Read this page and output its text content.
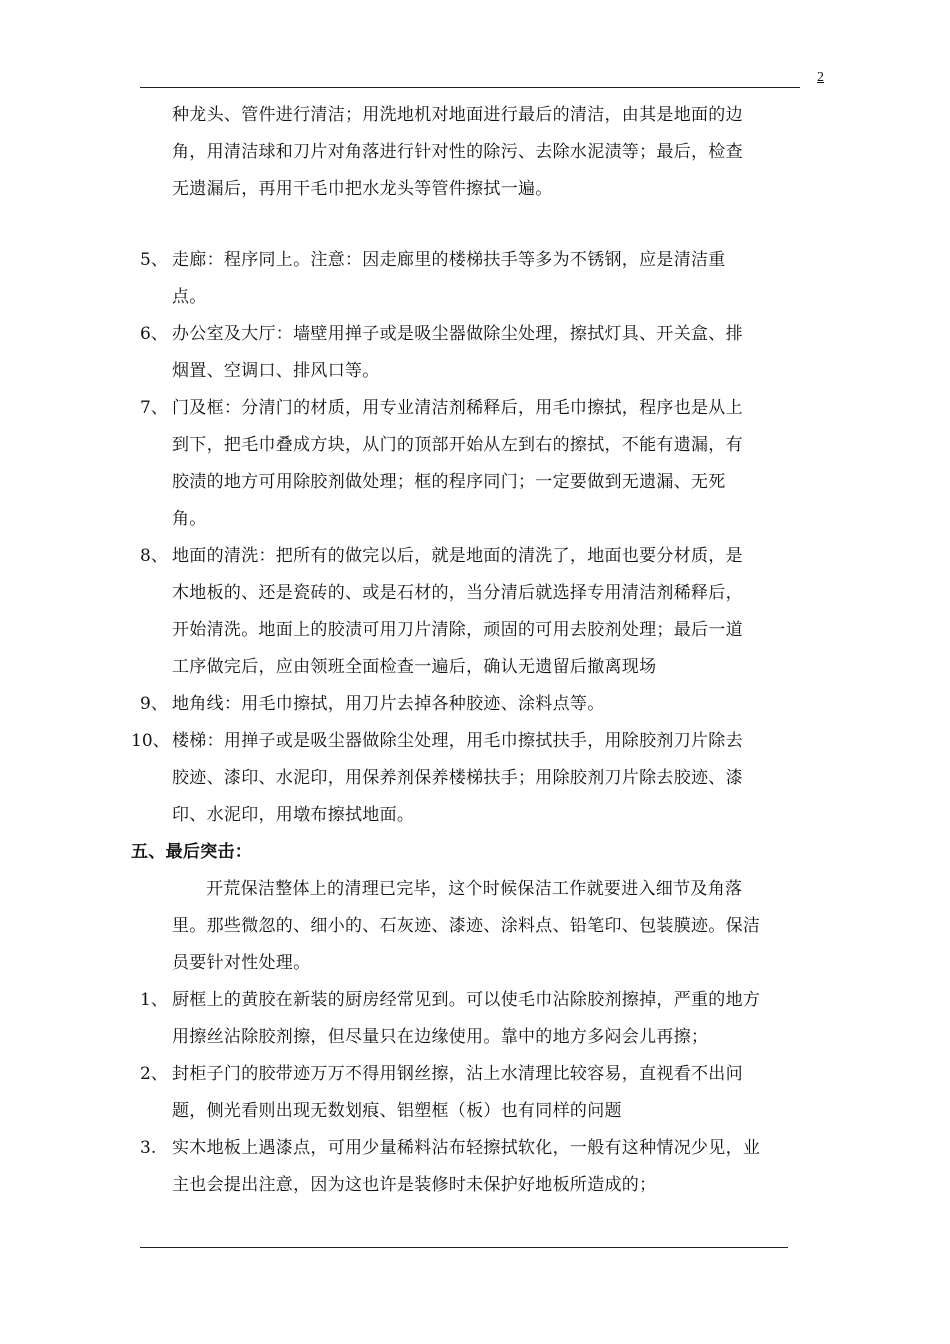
2
种龙头、管件进行清洁；用洗地机对地面进行最后的清洁，由其是地面的边
角，用清洁球和刀片对角落进行针对性的除污、去除水泥渍等；最后，检查
无遗漏后，再用干毛巾把水龙头等管件擦拭一遍。
5、 走廊：程序同上。注意：因走廊里的楼梯扶手等多为不锈钢，应是清洁重
点。
6、 办公室及大厅：墙壁用掸子或是吸尘器做除尘处理，擦拭灯具、开关盒、排
烟置、空调口、排风口等。
7、 门及框：分清门的材质，用专业清洁剂稀释后，用毛巾擦拭，程序也是从上
到下，把毛巾叠成方块，从门的顶部开始从左到右的擦拭，不能有遗漏，有
胶渍的地方可用除胶剂做处理；框的程序同门；一定要做到无遗漏、无死
角。
8、 地面的清洗：把所有的做完以后，就是地面的清洗了，地面也要分材质，是
木地板的、还是瓷砖的、或是石材的，当分清后就选择专用清洁剂稀释后，
开始清洗。地面上的胶渍可用刀片清除，顽固的可用去胶剂处理；最后一道
工序做完后，应由领班全面检查一遍后，确认无遗留后撤离现场
9、 地角线：用毛巾擦拭，用刀片去掉各种胶迹、涂料点等。
10、 楼梯：用掸子或是吸尘器做除尘处理，用毛巾擦拭扶手，用除胶剂刀片除去
胶迹、漆印、水泥印，用保养剂保养楼梯扶手；用除胶剂刀片除去胶迹、漆
印、水泥印，用墩布擦拭地面。
五、最后突击：
开荒保洁整体上的清理已完毕，这个时候保洁工作就要进入细节及角落
里。那些微忽的、细小的、石灰迹、漆迹、涂料点、铅笔印、包装膜迹。保洁
员要针对性处理。
1、 厨框上的黄胶在新装的厨房经常见到。可以使毛巾沾除胶剂擦掉，严重的地方
用擦丝沾除胶剂擦，但尽量只在边缘使用。靠中的地方多闷会儿再擦；
2、 封柜子门的胶带迹万万不得用钢丝擦，沾上水清理比较容易，直视看不出问
题，侧光看则出现无数划痕、铝塑框（板）也有同样的问题
3. 实木地板上遇漆点，可用少量稀料沾布轻擦拭软化，一般有这种情况少见，业
主也会提出注意，因为这也许是装修时未保护好地板所造成的；
